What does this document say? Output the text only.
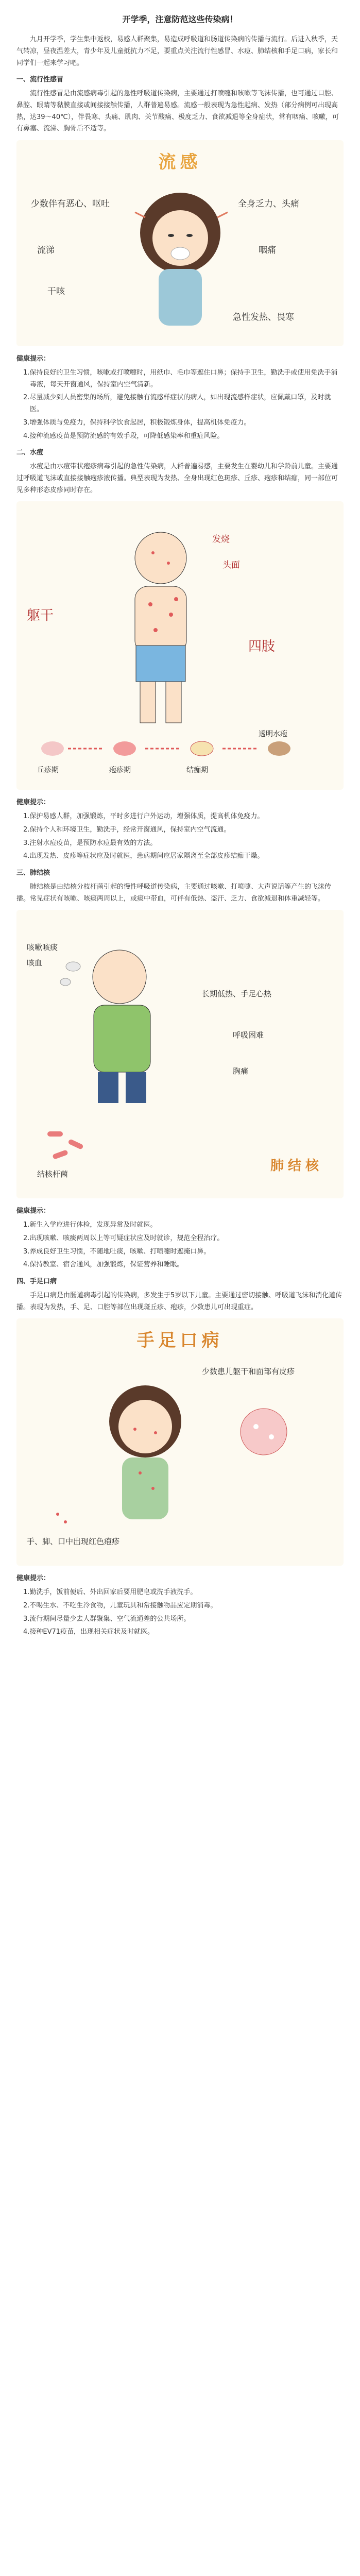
开学季，注意防范这些传染病！

九月开学季，学生集中返校，易感人群聚集，易造成呼吸道和肠道传染病的传播与流行。后进入秋季，天气转凉，昼夜温差大，青少年及儿童抵抗力不足，要重点关注流行性感冒、水痘、肺结核和手足口病，家长和同学们一起来学习吧。

一、流行性感冒

流行性感冒是由流感病毒引起的急性呼吸道传染病，主要通过打喷嚏和咳嗽等飞沫传播，也可通过口腔、鼻腔、眼睛等黏膜直接或间接接触传播，人群普遍易感。流感一般表现为急性起病、发热（部分病例可出现高热，达39～40℃），伴畏寒、头痛、肌肉、关节酸痛、极度乏力、食欲减退等全身症状，常有咽痛、咳嗽，可有鼻塞、流涕、胸骨后不适等。

流感
少数伴有恶心、呕吐	全身乏力、头痛
流涕	咽痛
干咳
急性发热、畏寒
健康提示：
1.保持良好的卫生习惯，咳嗽或打喷嚏时，用纸巾、毛巾等遮住口鼻；保持手卫生，勤洗手或使用免洗手消毒液，每天开窗通风，保持室内空气清新。
2.尽量减少到人员密集的场所，避免接触有流感样症状的病人，如出现流感样症状，应佩戴口罩，及时就医。
3.增强体质与免疫力，保持科学饮食起居，积极锻炼身体，提高机体免疫力。
4.接种流感疫苗是预防流感的有效手段，可降低感染率和重症风险。
二、水痘

水痘是由水痘带状疱疹病毒引起的急性传染病，人群普遍易感，主要发生在婴幼儿和学龄前儿童。主要通过呼吸道飞沫或直接接触疱疹液传播。典型表现为发热、全身出现红色斑疹、丘疹、疱疹和结痂，同一部位可见多种形态皮疹同时存在。

发烧
头面
躯干
四肢
丘疹期	疱疹期	结痂期
透明水疱
健康提示：
1.保护易感人群，加强锻炼，平时多进行户外运动，增强体质，提高机体免疫力。
2.保持个人和环境卫生，勤洗手，经常开窗通风，保持室内空气流通。
3.注射水痘疫苗，是预防水痘最有效的方法。
4.出现发热、皮疹等症状应及时就医，患病期间应居家隔离至全部皮疹结痂干燥。
三、肺结核

肺结核是由结核分枝杆菌引起的慢性呼吸道传染病，主要通过咳嗽、打喷嚏、大声说话等产生的飞沫传播。常见症状有咳嗽、咳痰两周以上，或痰中带血，可伴有低热、盗汗、乏力、食欲减退和体重减轻等。

肺结核
咳嗽咳痰
咳血
长期低热、手足心热
呼吸困难
胸痛
结核杆菌
健康提示：
1.新生入学应进行体检，发现异常及时就医。
2.出现咳嗽、咳痰两周以上等可疑症状应及时就诊，规范全程治疗。
3.养成良好卫生习惯，不随地吐痰，咳嗽、打喷嚏时遮掩口鼻。
4.保持教室、宿舍通风，加强锻炼，保证营养和睡眠。
四、手足口病

手足口病是由肠道病毒引起的传染病，多发生于5岁以下儿童。主要通过密切接触、呼吸道飞沫和消化道传播。表现为发热，手、足、口腔等部位出现斑丘疹、疱疹，少数患儿可出现重症。

手足口病
少数患儿躯干和面部有皮疹
手、脚、口中出现红色疱疹
健康提示：
1.勤洗手，饭前便后、外出回家后要用肥皂或洗手液洗手。
2.不喝生水、不吃生冷食物，儿童玩具和常接触物品应定期消毒。
3.流行期间尽量少去人群聚集、空气流通差的公共场所。
4.接种EV71疫苗，出现相关症状及时就医。
